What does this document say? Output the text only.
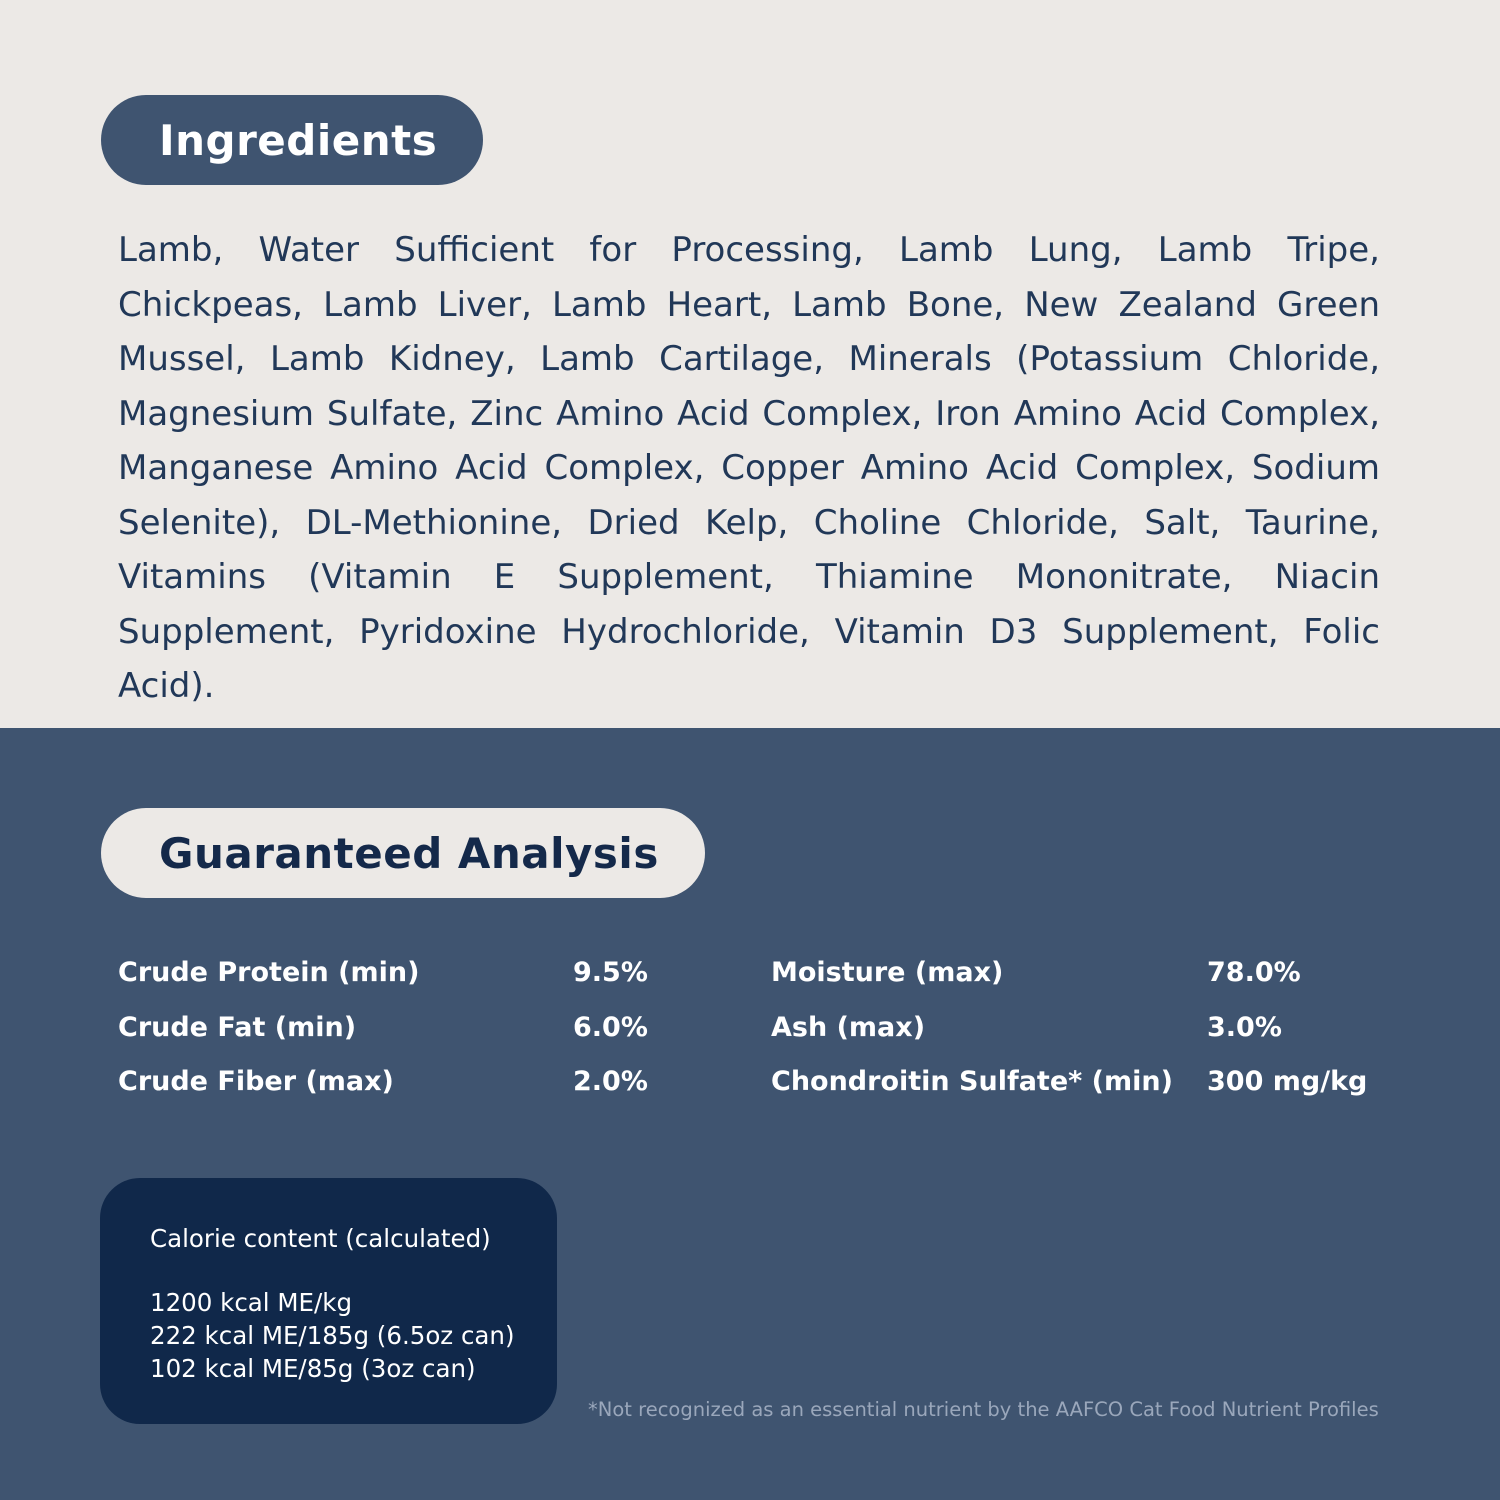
Ingredients

Lamb, Water Sufficient for Processing, Lamb Lung, Lamb Tripe, Chickpeas, Lamb Liver, Lamb Heart, Lamb Bone, New Zealand Green Mussel, Lamb Kidney, Lamb Cartilage, Minerals (Potassium Chloride, Magnesium Sulfate, Zinc Amino Acid Complex, Iron Amino Acid Complex, Manganese Amino Acid Complex, Copper Amino Acid Complex, Sodium Selenite), DL-Methionine, Dried Kelp, Choline Chloride, Salt, Taurine, Vitamins (Vitamin E Supplement, Thiamine Mononitrate, Niacin Supplement, Pyridoxine Hydrochloride, Vitamin D3 Supplement, Folic Acid).

Guaranteed Analysis
Crude Protein (min)
Crude Fat (min)
Crude Fiber (max)
9.5%
6.0%
2.0%
Moisture (max)
Ash (max)
Chondroitin Sulfate* (min)
78.0%
3.0%
300 mg/kg
Calorie content (calculated)
1200 kcal ME/kg
222 kcal ME/185g (6.5oz can)
102 kcal ME/85g (3oz can)
*Not recognized as an essential nutrient by the AAFCO Cat Food Nutrient Profiles
